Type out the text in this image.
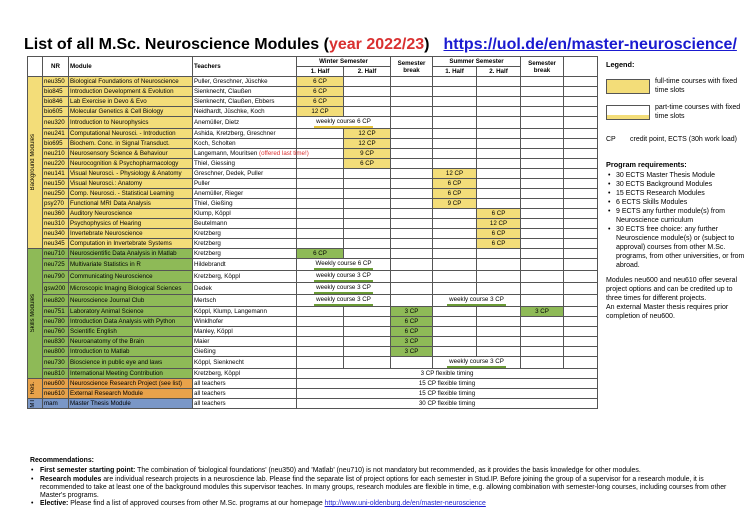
List of all M.Sc. Neuroscience Modules (year 2022/23) https://uol.de/en/master-neuroscience/
	NR	Module	Teachers	Winter Semester		Semester break	Summer Semester		Semester break	
				1. Half	2. Half		1. Half	2. Half		

Background Modules	neu350	Biological Foundations of Neuroscience	Puller, Greschner, Jüschke	6 CP						
	bio845	Introduction Development & Evolution	Sienknecht, Claußen	6 CP						
	bio846	Lab Exercise in Devo & Evo	Sienknecht, Claußen, Ebbers	6 CP						
	bio605	Molecular Genetics & Cell Biology	Neidhardt, Jüschke, Koch	12 CP						
	neu320	Introduction to Neurophysics	Anemüller, Dietz	weekly course 6 CP						
	neu241	Computational Neurosci. - Introduction	Ashida, Kretzberg, Greschner		12 CP					
	bio695	Biochem. Conc. in Signal Transduct.	Koch, Scholten		12 CP					
	neu210	Neurosensory Science & Behaviour	Langemann, Mouritsen (offered last time!)		9 CP					
	neu220	Neurocognition & Psychopharmacology	Thiel, Giessing		6 CP					
	neu141	Visual Neurosci. - Physiology & Anatomy	Greschner, Dedek, Puller				12 CP			
	neu150	Visual Neurosci.: Anatomy	Puller				6 CP			
	neu250	Comp. Neurosci. - Statistical Learning	Anemüller, Rieger				6 CP			
	psy270	Functional MRI Data Analysis	Thiel, Gießing				9 CP			
	neu360	Auditory Neuroscience	Klump, Köppl					6 CP		
	neu310	Psychophysics of Hearing	Beutelmann					12 CP		
	neu340	Invertebrate Neuroscience	Kretzberg					6 CP		
	neu345	Computation in Invertebrate Systems	Kretzberg					6 CP		

Skills Modules	neu710	Neuroscientific Data Analysis in Matlab	Kretzberg	6 CP						
	neu725	Multivariate Statistics in R	Hildebrandt	Weekly course 6 CP						
	neu790	Communicating Neuroscience	Kretzberg, Köppl	weekly course 3 CP						
	gsw200	Microscopic Imaging Biological Sciences	Dedek	weekly course 3 CP						
	neu820	Neuroscience Journal Club	Mertsch	weekly course 3 CP			weekly course 3 CP			
	neu751	Laboratory Animal Science	Köppl, Klump, Langemann			3 CP			3 CP	
	neu780	Introduction Data Analysis with Python	Winklhofer			6 CP				
	neu760	Scientific English	Manley, Köppl			6 CP				
	neu830	Neuroanatomy of the Brain	Maier			3 CP				
	neu800	Introduction to Matlab	Gießing			3 CP				
	neu730	Bioscience in public eye and laws	Köppl, Sienknecht				weekly course 3 CP			
	neu810	International Meeting Contribution	Kretzberg, Köppl	3 CP flexible timing						

Res.	neu600	Neuroscience Research Project (see list)	all teachers	15 CP flexible timing						
	neu610	External Research Module	all teachers	15 CP flexible timing						

MT	mam	Master Thesis Module	all teachers	30 CP flexible timing						
Legend:
full-time courses with fixed time slots
part-time courses with fixed time slots
CP	credit point, ECTS (30h work load)
Program requirements:
• 30 ECTS Master Thesis Module
• 30 ECTS Background Modules
• 15 ECTS Research Modules
• 6 ECTS Skills Modules
• 9 ECTS any further module(s) from Neuroscience curriculum
• 30 ECTS free choice: any further Neuroscience module(s) or (subject to approval) courses from other M.Sc. programs, from other universities, or from abroad.
Modules neu600 and neu610 offer several project options and can be credited up to three times for different projects.
An external Master thesis requires prior completion of neu600.
Recommendations:
• First semester starting point: The combination of 'biological foundations' (neu350) and 'Matlab' (neu710) is not mandatory but recommended, as it provides the basis knowledge for other modules.
• Research modules are individual research projects in a neuroscience lab. Please find the separate list of project options for each semester in Stud.IP. Before joining the group of a supervisor for a research module, it is recommended to take at least one of the background modules this supervisor teaches. In many groups, research modules are flexible in time, e.g. allowing combination with semester-long courses, including courses from other Master's programs.
• Elective: Please find a list of approved courses from other M.Sc. programs at our homepage http://www.uni-oldenburg.de/en/master-neuroscience
